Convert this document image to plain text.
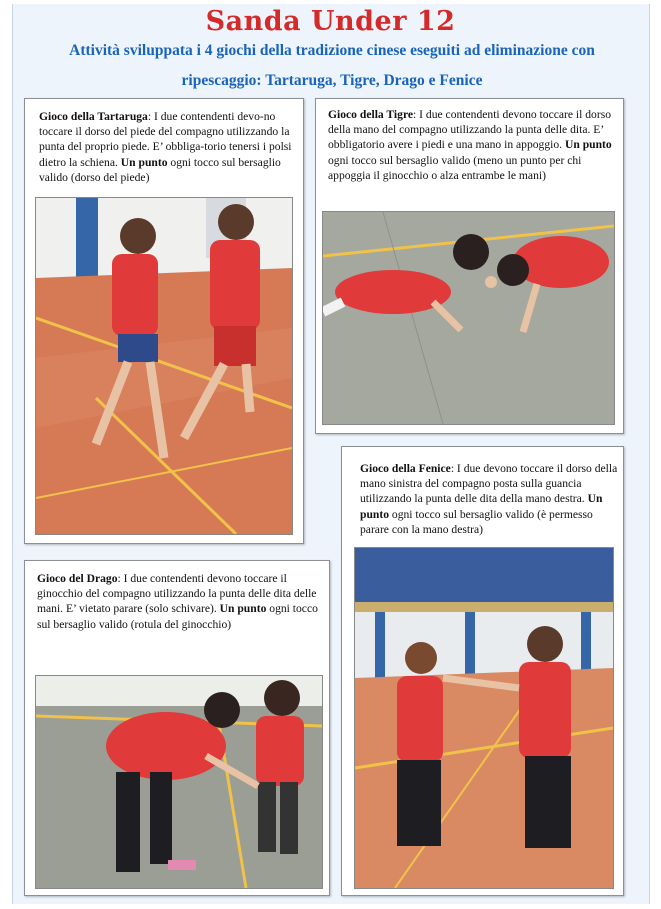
Sanda Under 12
Attività sviluppata i 4 giochi della tradizione cinese eseguiti ad eliminazione con ripescaggio: Tartaruga, Tigre, Drago e Fenice
Gioco della Tartaruga: I due contendenti devo-no toccare il dorso del piede del compagno utilizzando la punta del proprio piede. E’ obbliga-torio tenersi i polsi dietro la schiena. Un punto ogni tocco sul bersaglio valido (dorso del piede)
Gioco della Tigre: I due contendenti devono toccare il dorso della mano del compagno utilizzando la punta delle dita. E’ obbligatorio avere i piedi e una mano in appoggio. Un punto ogni tocco sul bersaglio valido (meno un punto per chi appoggia il ginocchio o alza entrambe le mani)
Gioco della Fenice: I due devono toccare il dorso della mano sinistra del compagno posta sulla guancia utilizzando la punta delle dita della mano destra. Un punto ogni tocco sul bersaglio valido (è permesso parare con la mano destra)
Gioco del Drago: I due contendenti devono toccare il ginocchio del compagno utilizzando la punta delle dita delle mani. E’ vietato parare (solo schivare). Un punto ogni tocco sul bersaglio valido (rotula del ginocchio)
